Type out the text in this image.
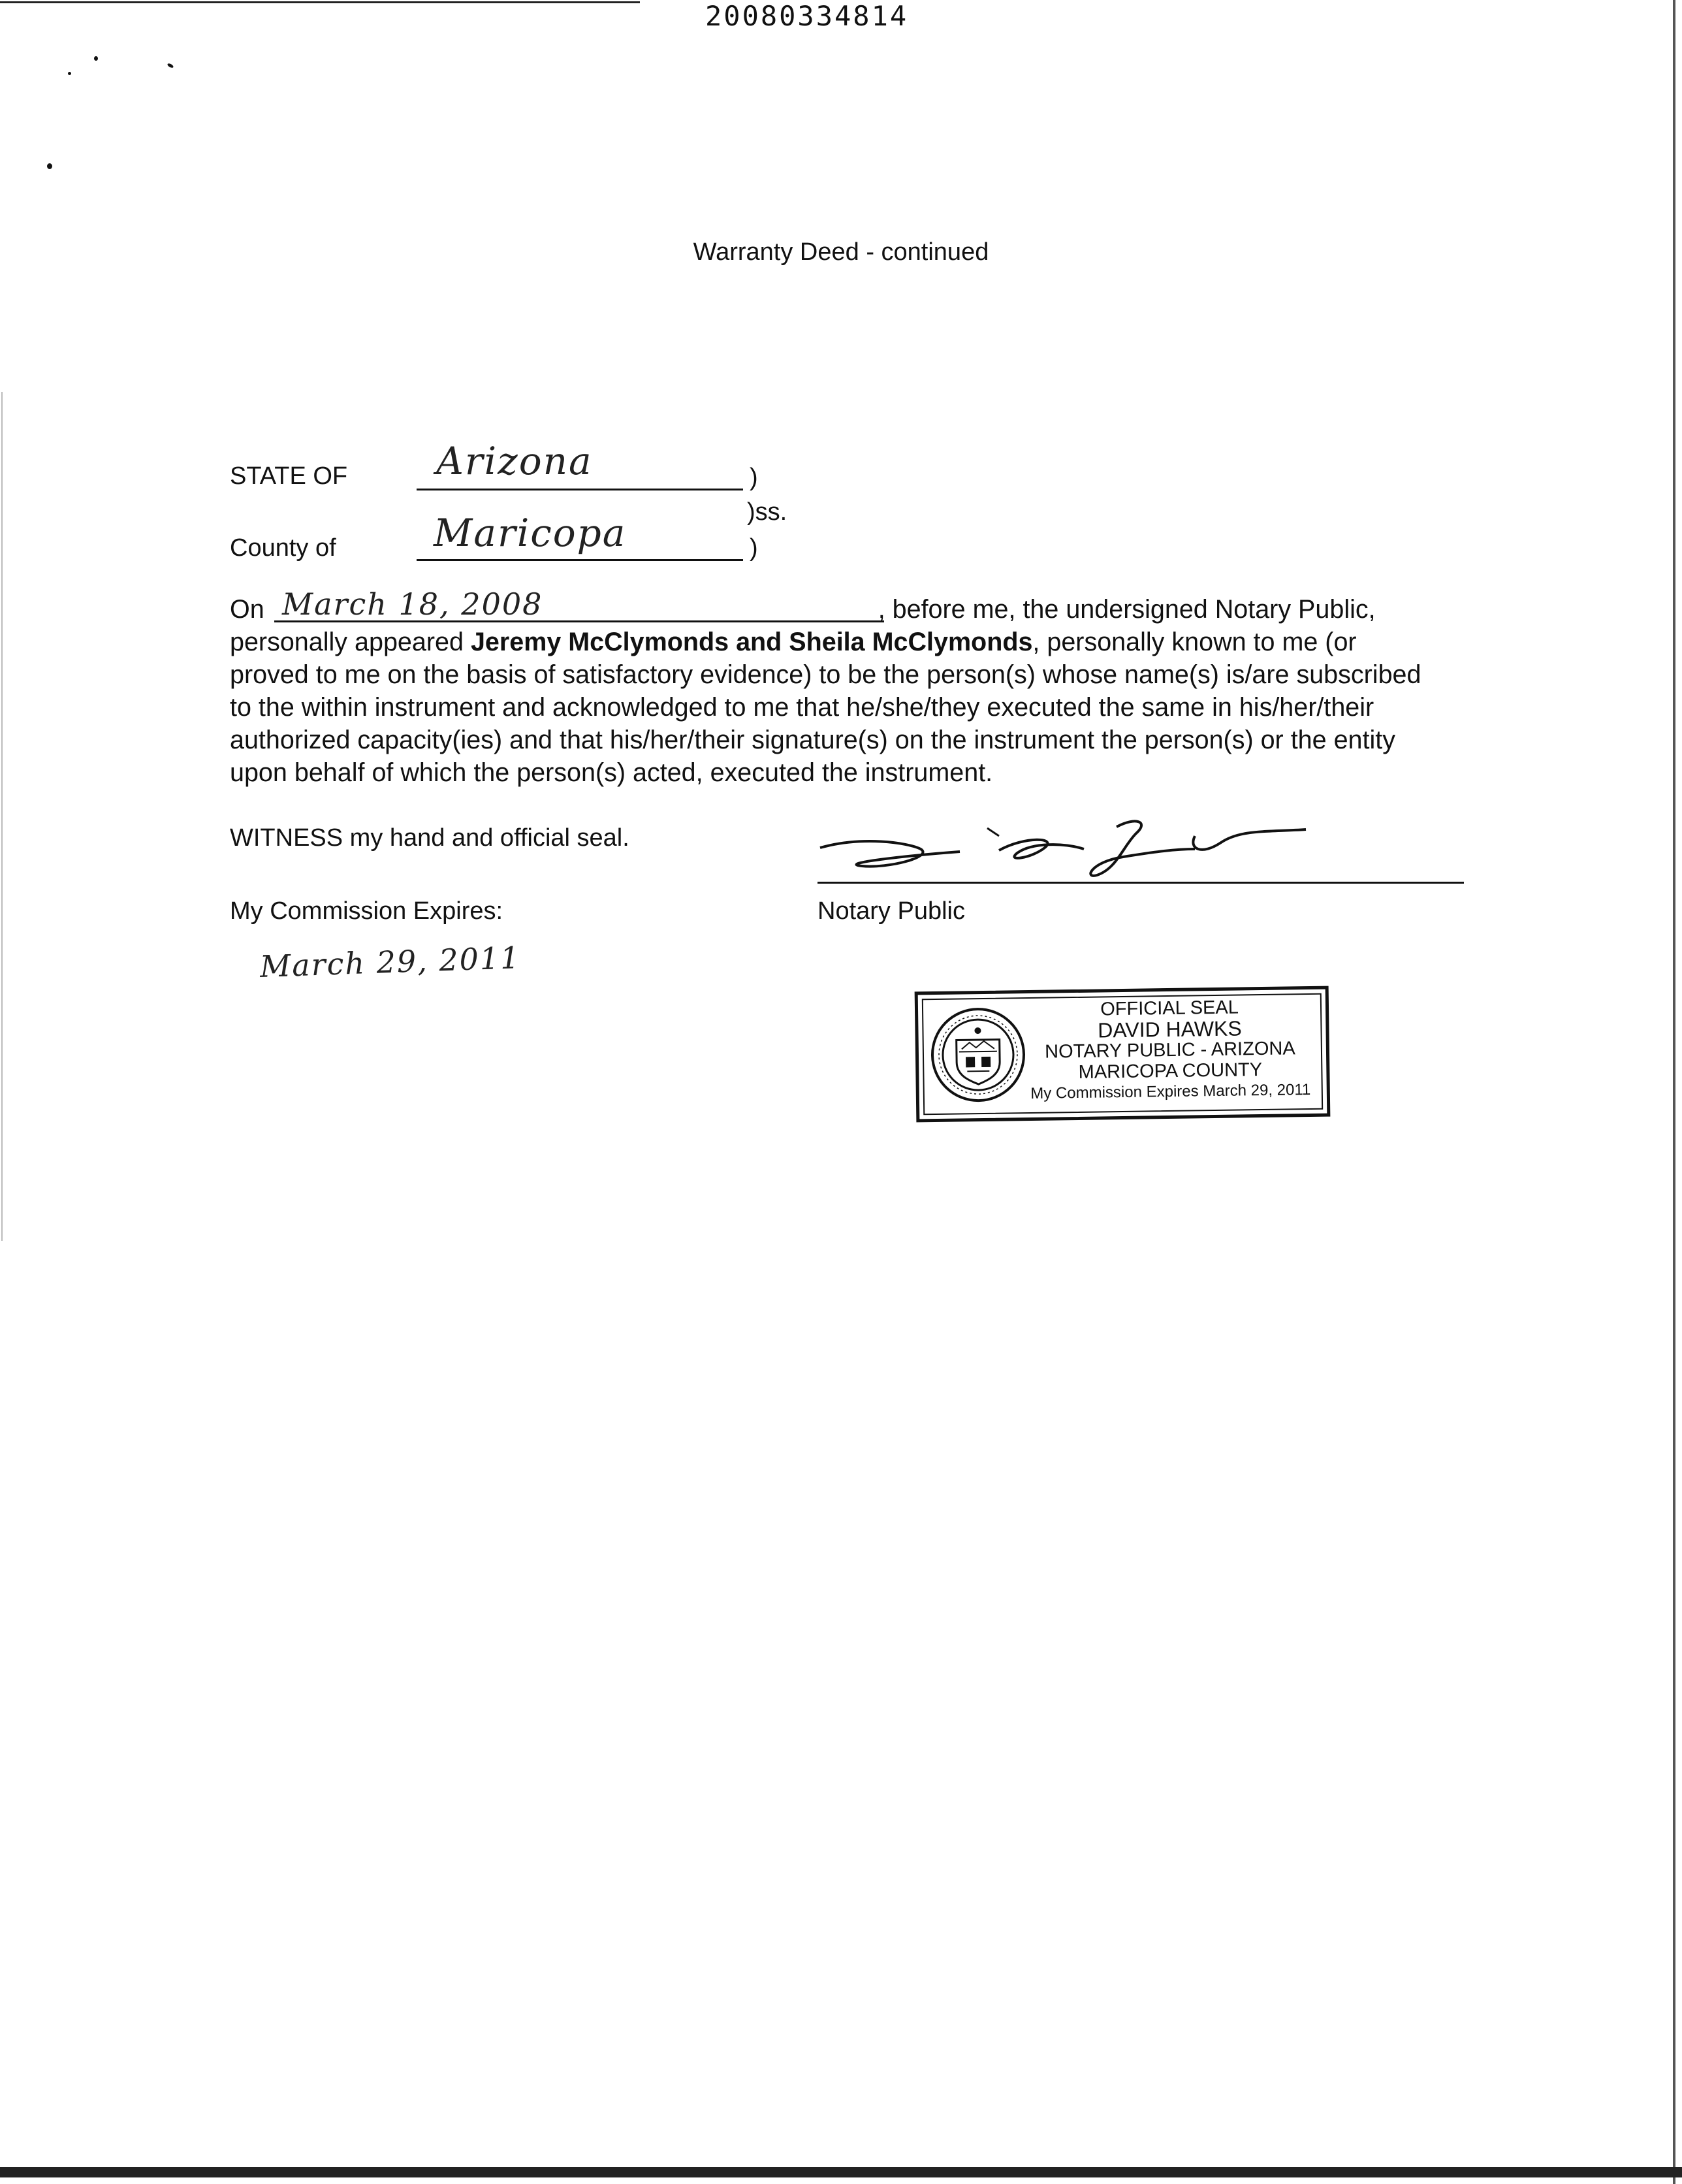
20080334814
Warranty Deed - continued
STATE OF Arizona	)
)ss.
County of	Maricopa	)
March 18, 2008

On	, before me, the undersigned Notary Public,

personally appeared Jeremy McClymonds and Sheila McClymonds, personally known to me (or

proved to me on the basis of satisfactory evidence) to be the person(s) whose name(s) is/are subscribed

to the within instrument and acknowledged to me that he/she/they executed the same in his/her/their

authorized capacity(ies) and that his/her/their signature(s) on the instrument the person(s) or the entity

upon behalf of which the person(s) acted, executed the instrument.

WITNESS my hand and official seal.
My Commission Expires:	Notary Public
March 29, 2011
OFFICIAL SEAL
DAVID HAWKS
NOTARY PUBLIC - ARIZONA
MARICOPA COUNTY
My Commission Expires March 29, 2011
